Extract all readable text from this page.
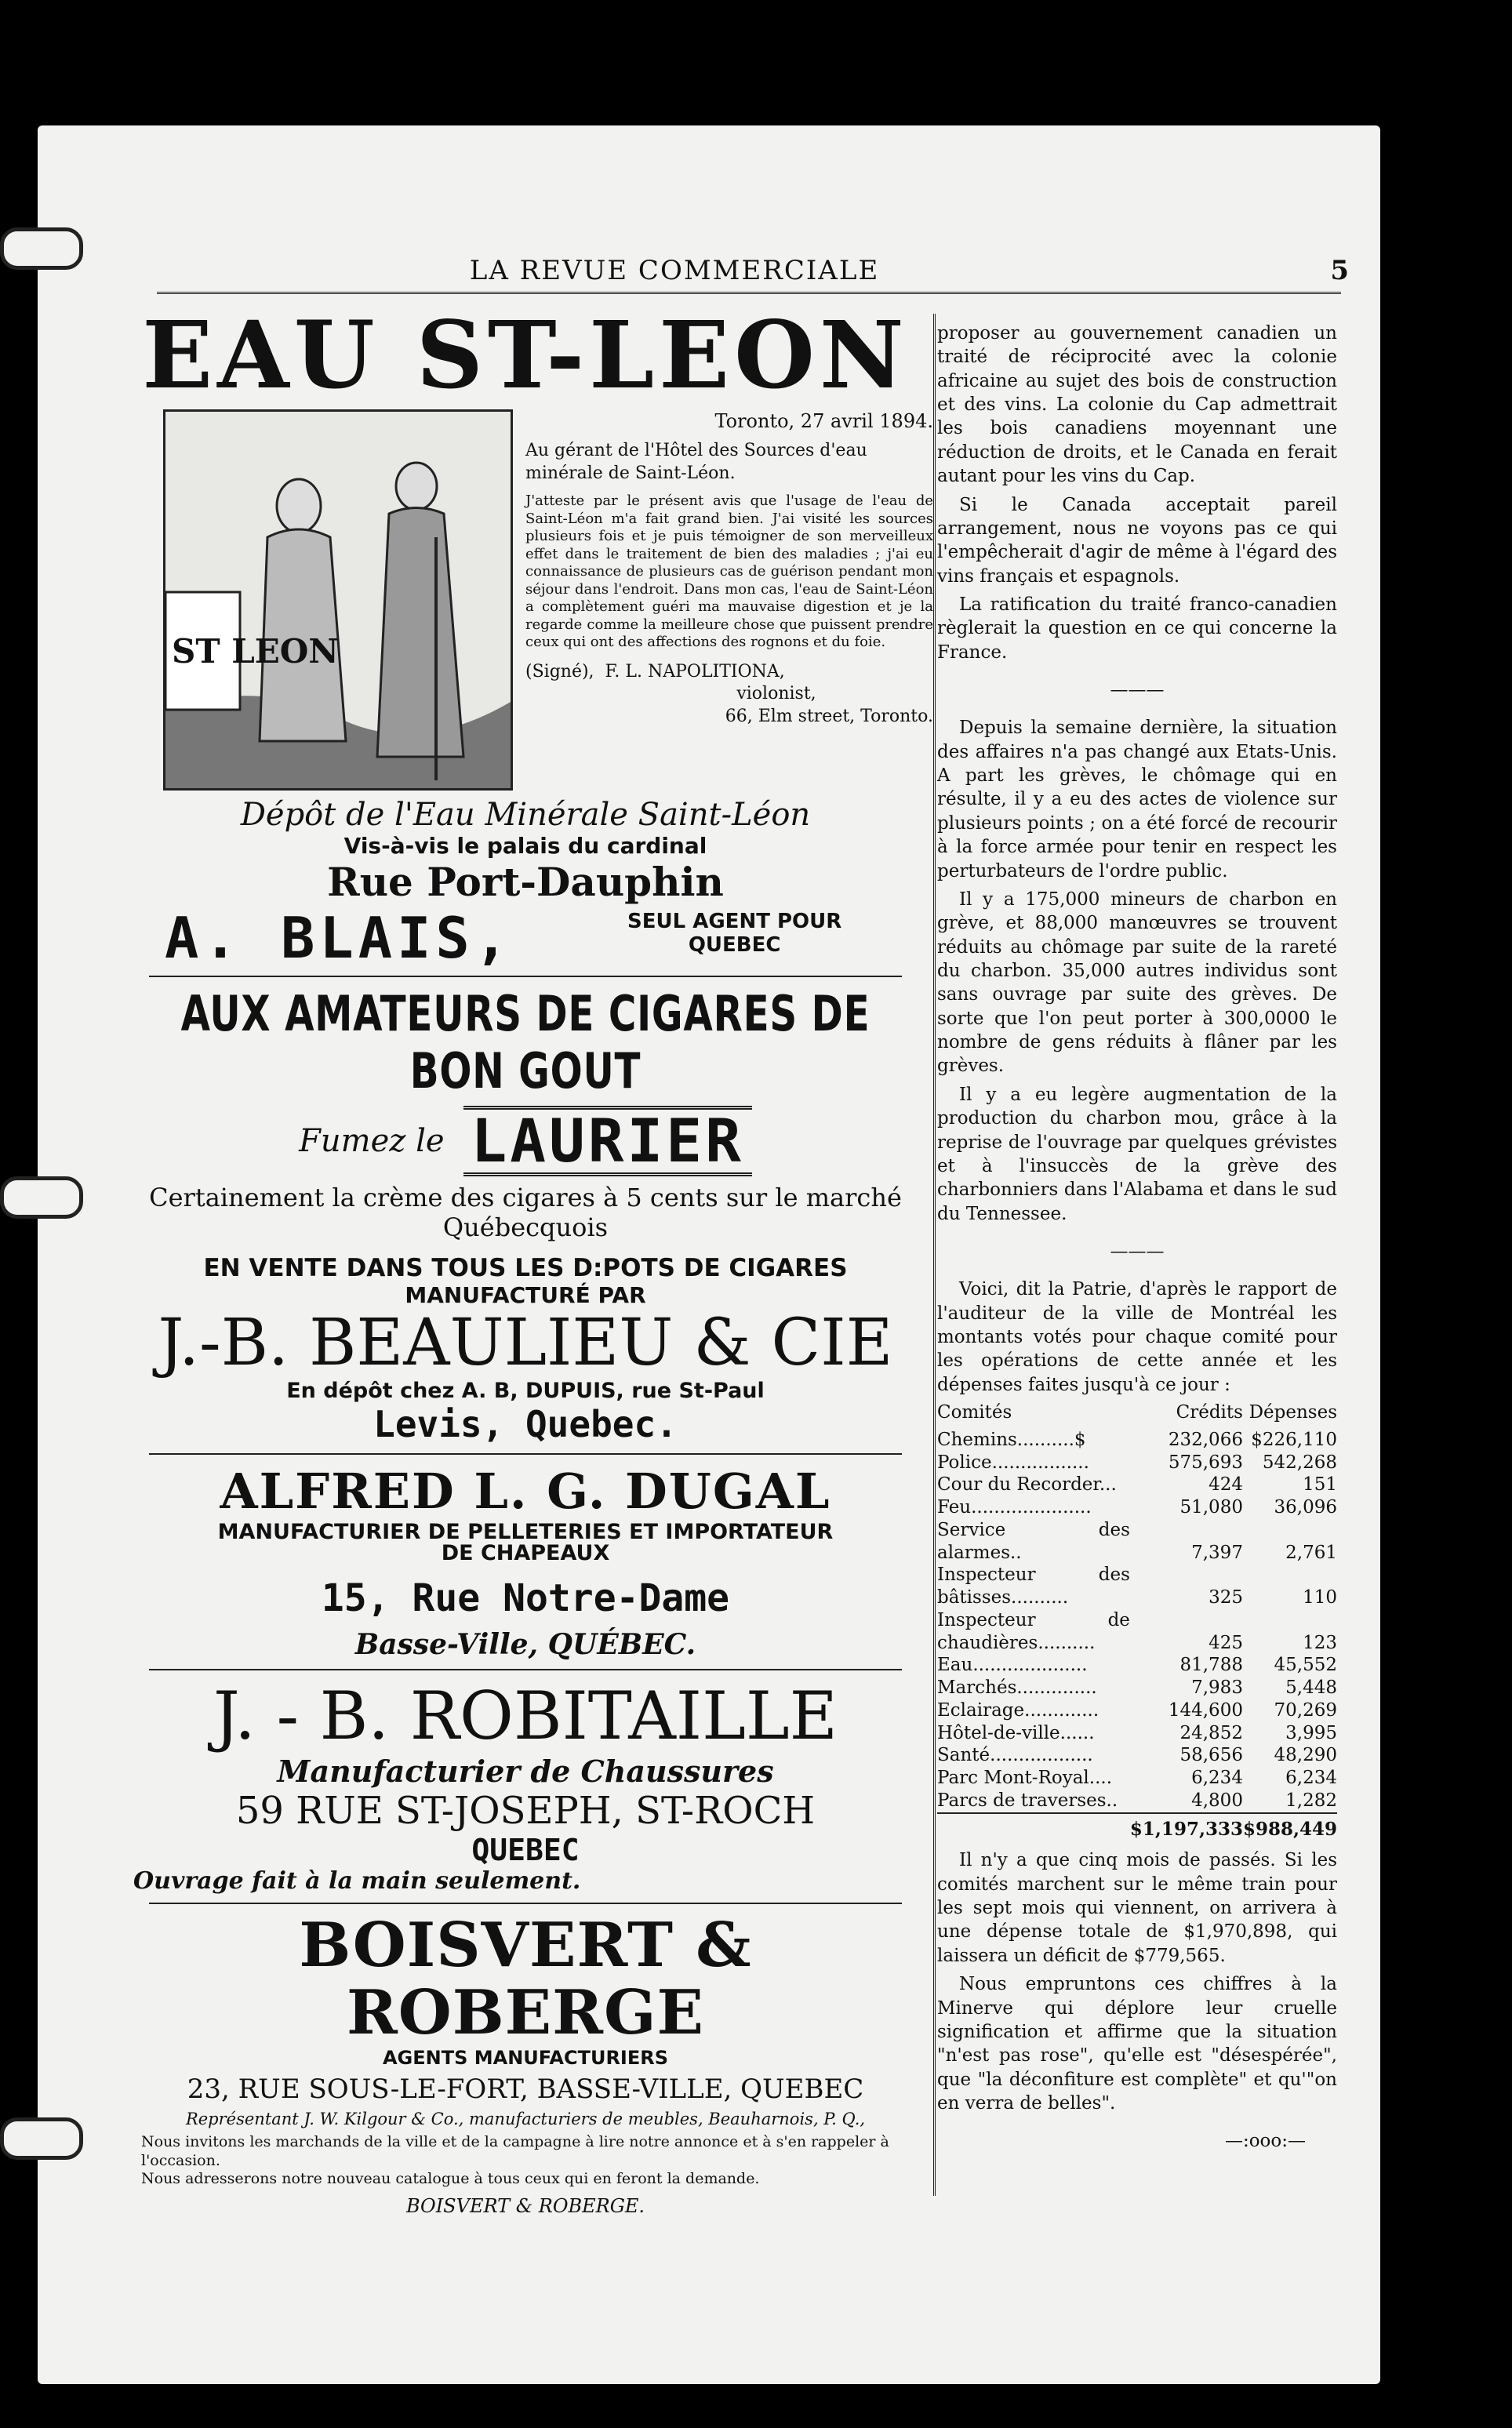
LA REVUE COMMERCIALE	5
EAU ST-LEON
ST LEON
Toronto, 27 avril 1894.
Au gérant de l'Hôtel des Sources d'eau minérale de Saint-Léon.
J'atteste par le présent avis que l'usage de l'eau de Saint-Léon m'a fait grand bien. J'ai visité les sources plusieurs fois et je puis témoigner de son merveilleux effet dans le traitement de bien des maladies ; j'ai eu connaissance de plusieurs cas de guérison pendant mon séjour dans l'endroit. Dans mon cas, l'eau de Saint-Léon a complètement guéri ma mauvaise digestion et je la regarde comme la meilleure chose que puissent prendre ceux qui ont des affections des rognons et du foie.
(Signé), F. L. NAPOLITIONA,
violonist,
66, Elm street, Toronto.
Dépôt de l'Eau Minérale Saint-Léon
Vis-à-vis le palais du cardinal
Rue Port-Dauphin
A. BLAIS,	SEUL AGENT POUR
QUEBEC
AUX AMATEURS DE CIGARES DE BON GOUT
Fumez le LAURIER
Certainement la crème des cigares à 5 cents sur le marché Québecquois
EN VENTE DANS TOUS LES D:POTS DE CIGARES
MANUFACTURÉ PAR
J.-B. BEAULIEU & CIE
En dépôt chez A. B, DUPUIS, rue St-Paul
Levis, Quebec.
ALFRED L. G. DUGAL
MANUFACTURIER DE PELLETERIES ET IMPORTATEUR
DE CHAPEAUX
15, Rue Notre-Dame
Basse-Ville, QUÉBEC.
J. - B. ROBITAILLE
Manufacturier de Chaussures
59 RUE ST-JOSEPH, ST-ROCH
QUEBEC
Ouvrage fait à la main seulement.
BOISVERT & ROBERGE
AGENTS MANUFACTURIERS
23, RUE SOUS-LE-FORT, BASSE-VILLE, QUEBEC
Représentant J. W. Kilgour & Co., manufacturiers de meubles, Beauharnois, P. Q.,
Nous invitons les marchands de la ville et de la campagne à lire notre annonce et à s'en rappeler à l'occasion.
Nous adresserons notre nouveau catalogue à tous ceux qui en feront la demande.
BOISVERT & ROBERGE.

proposer au gouvernement canadien un traité de réciprocité avec la colonie africaine au sujet des bois de construction et des vins. La colonie du Cap admettrait les bois canadiens moyennant une réduction de droits, et le Canada en ferait autant pour les vins du Cap.

Si le Canada acceptait pareil arrangement, nous ne voyons pas ce qui l'empêcherait d'agir de même à l'égard des vins français et espagnols.

La ratification du traité franco-canadien règlerait la question en ce qui concerne la France.

———

Depuis la semaine dernière, la situation des affaires n'a pas changé aux Etats-Unis. A part les grèves, le chômage qui en résulte, il y a eu des actes de violence sur plusieurs points ; on a été forcé de recourir à la force armée pour tenir en respect les perturbateurs de l'ordre public.

Il y a 175,000 mineurs de charbon en grève, et 88,000 manœuvres se trouvent réduits au chômage par suite de la rareté du charbon. 35,000 autres individus sont sans ouvrage par suite des grèves. De sorte que l'on peut porter à 300,0000 le nombre de gens réduits à flâner par les grèves.

Il y a eu legère augmentation de la production du charbon mou, grâce à la reprise de l'ouvrage par quelques grévistes et à l'insuccès de la grève des charbonniers dans l'Alabama et dans le sud du Tennessee.

———

Voici, dit la Patrie, d'après le rapport de l'auditeur de la ville de Montréal les montants votés pour chaque comité pour les opérations de cette année et les dépenses faites jusqu'à ce jour :

Comités	Crédits	Dépenses
Chemins..........$	232,066	$226,110
Police.................	575,693	542,268
Cour du Recorder...	424	151
Feu.....................	51,080	36,096
Service des alarmes..	7,397	2,761
Inspecteur des bâtisses..........	325	110
Inspecteur de chaudières..........	425	123
Eau....................	81,788	45,552
Marchés..............	7,983	5,448
Eclairage.............	144,600	70,269
Hôtel-de-ville......	24,852	3,995
Santé..................	58,656	48,290
Parc Mont-Royal....	6,234	6,234
Parcs de traverses..	4,800	1,282
	$1,197,333	$988,449

Il n'y a que cinq mois de passés. Si les comités marchent sur le même train pour les sept mois qui viennent, on arrivera à une dépense totale de $1,970,898, qui laissera un déficit de $779,565.

Nous empruntons ces chiffres à la Minerve qui déplore leur cruelle signification et affirme que la situation "n'est pas rose", qu'elle est "désespérée", que "la déconfiture est complète" et qu'"on en verra de belles".

—:ooo:—
